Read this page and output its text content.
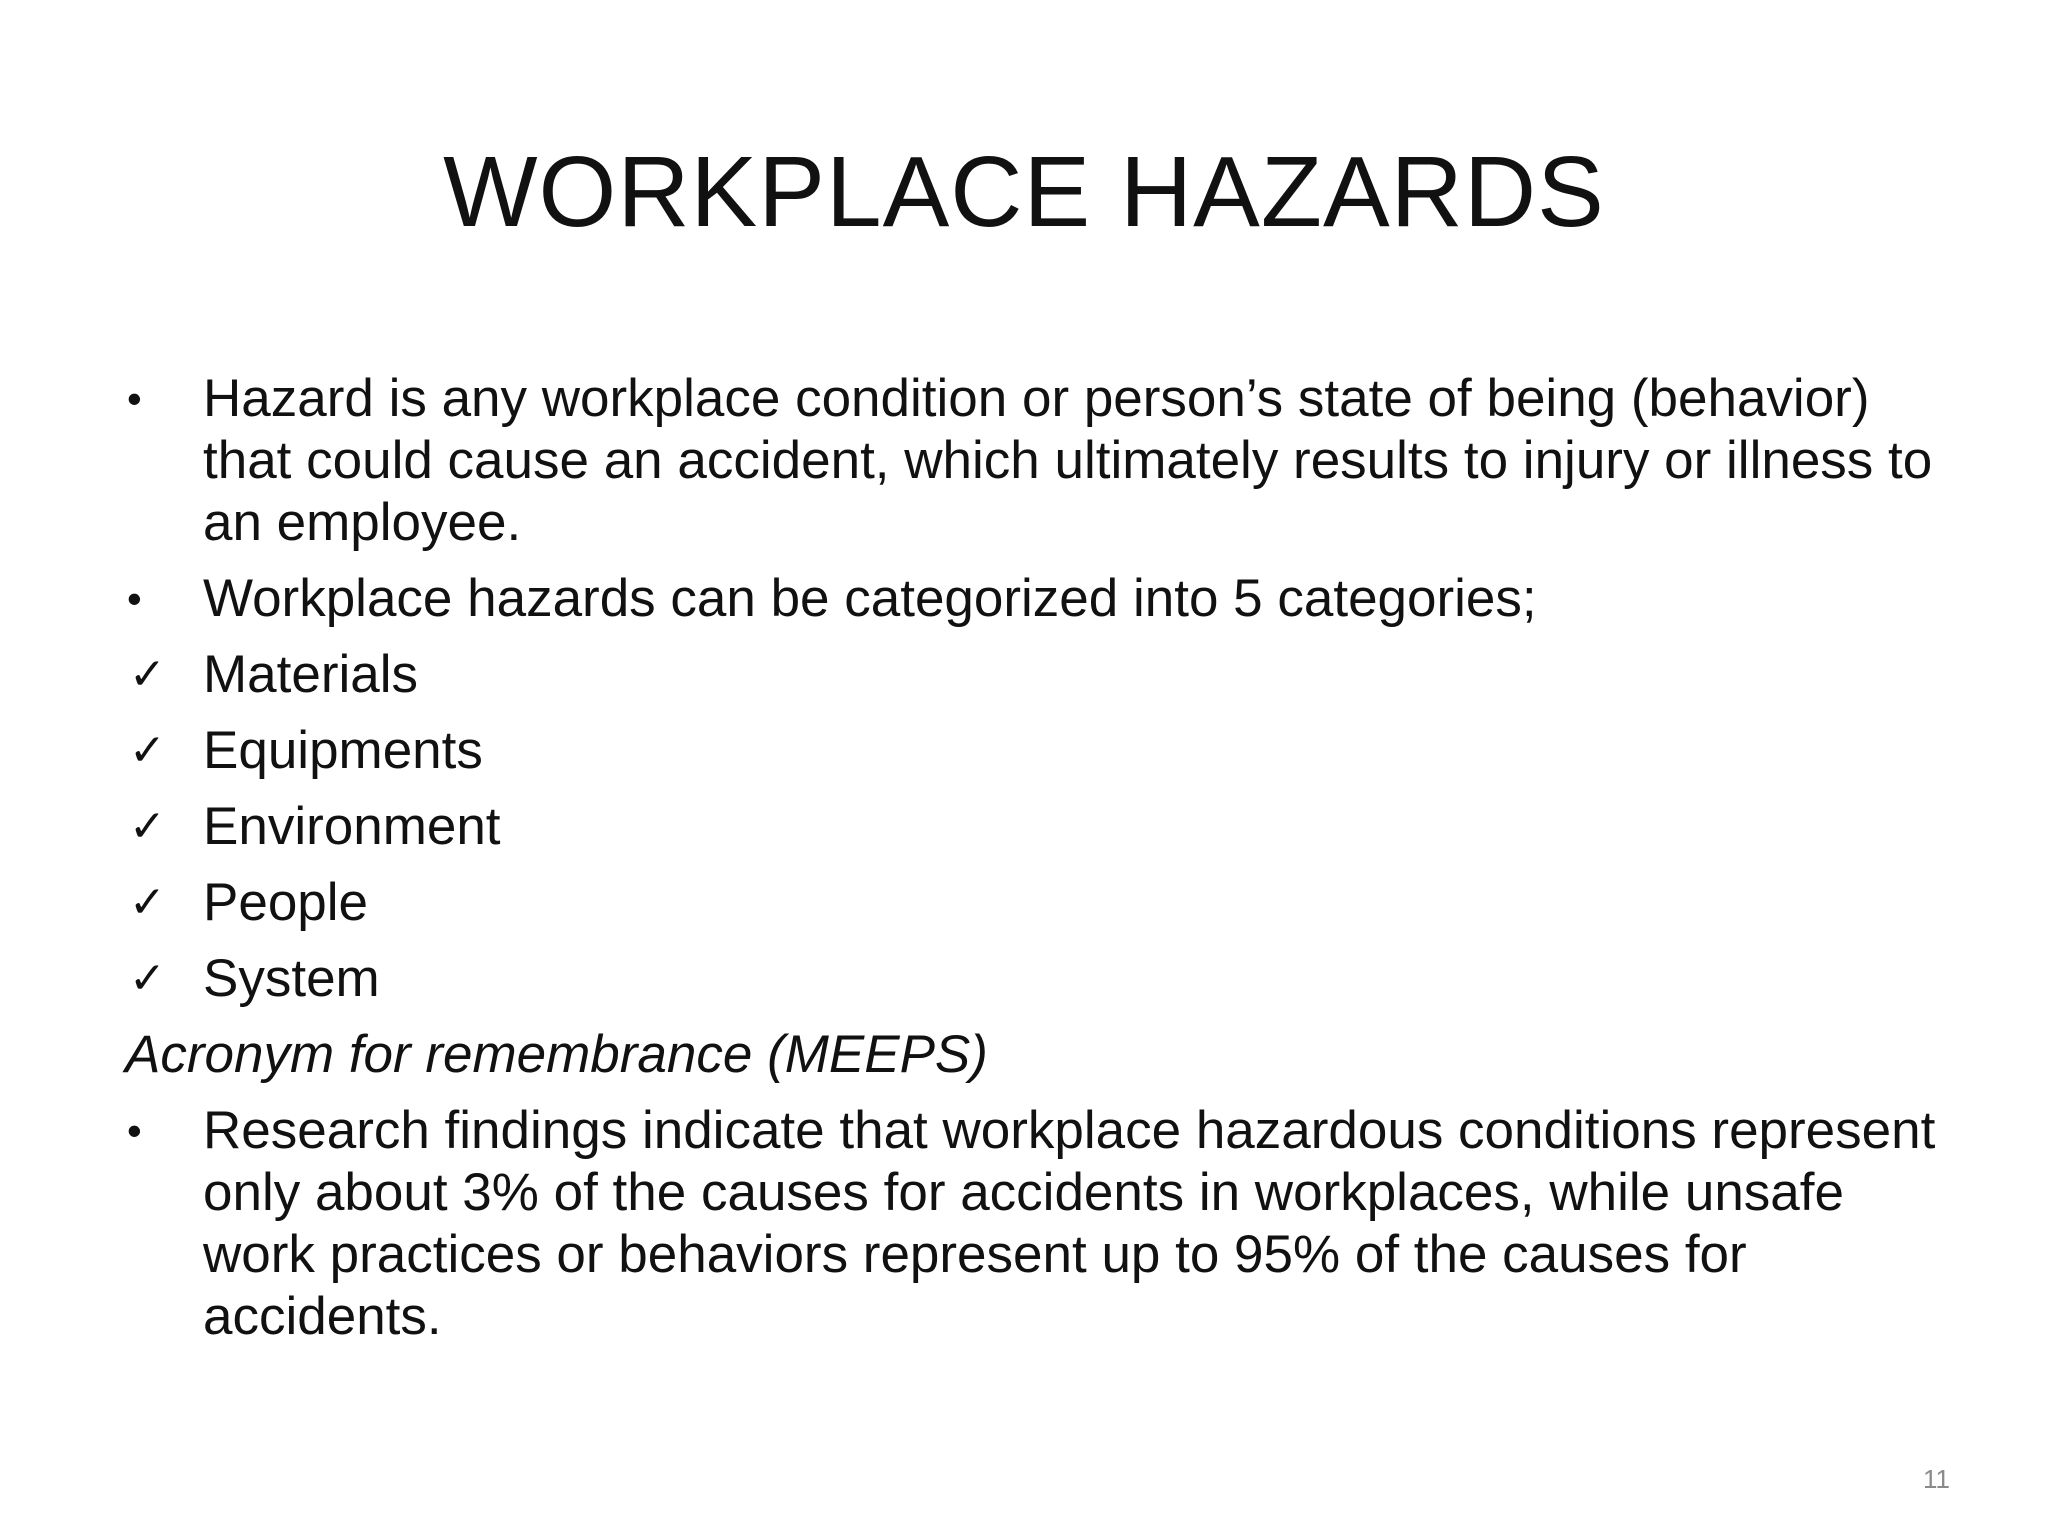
WORKPLACE HAZARDS

•	Hazard is any workplace condition or person’s state of being (behavior) that could cause an accident, which ultimately results to injury or illness to an employee.

•	Workplace hazards can be categorized into 5 categories;

✓ Materials

✓ Equipments

✓ Environment

✓ People

✓ System

Acronym for remembrance (MEEPS)

•	Research findings indicate that workplace hazardous conditions represent only about 3% of the causes for accidents in workplaces, while unsafe work practices or behaviors represent up to 95% of the causes for accidents.

11
